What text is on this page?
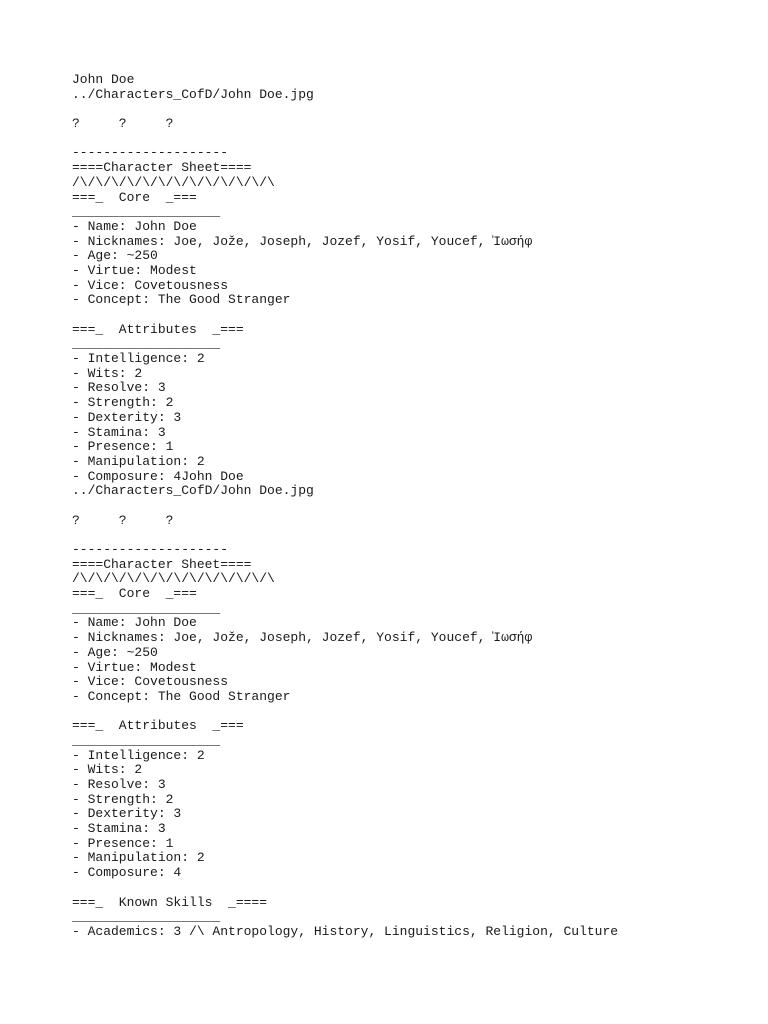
John Doe
../Characters_CofD/John Doe.jpg
?     ?     ?
--------------------
====Character Sheet====
/\/\/\/\/\/\/\/\/\/\/\/\/\
===_  Core  _===
___________________
- Name: John Doe
- Nicknames: Joe, Jože, Joseph, Jozef, Yosif, Youcef, Ἰωσήφ
- Age: ~250
- Virtue: Modest
- Vice: Covetousness
- Concept: The Good Stranger
===_  Attributes  _===
___________________
- Intelligence: 2
- Wits: 2
- Resolve: 3
- Strength: 2
- Dexterity: 3
- Stamina: 3
- Presence: 1
- Manipulation: 2
- Composure: 4John Doe
../Characters_CofD/John Doe.jpg
?     ?     ?
--------------------
====Character Sheet====
/\/\/\/\/\/\/\/\/\/\/\/\/\
===_  Core  _===
___________________
- Name: John Doe
- Nicknames: Joe, Jože, Joseph, Jozef, Yosif, Youcef, Ἰωσήφ
- Age: ~250
- Virtue: Modest
- Vice: Covetousness
- Concept: The Good Stranger
===_  Attributes  _===
___________________
- Intelligence: 2
- Wits: 2
- Resolve: 3
- Strength: 2
- Dexterity: 3
- Stamina: 3
- Presence: 1
- Manipulation: 2
- Composure: 4
===_  Known Skills  _====
___________________
- Academics: 3 /\ Antropology, History, Linguistics, Religion, Culture
